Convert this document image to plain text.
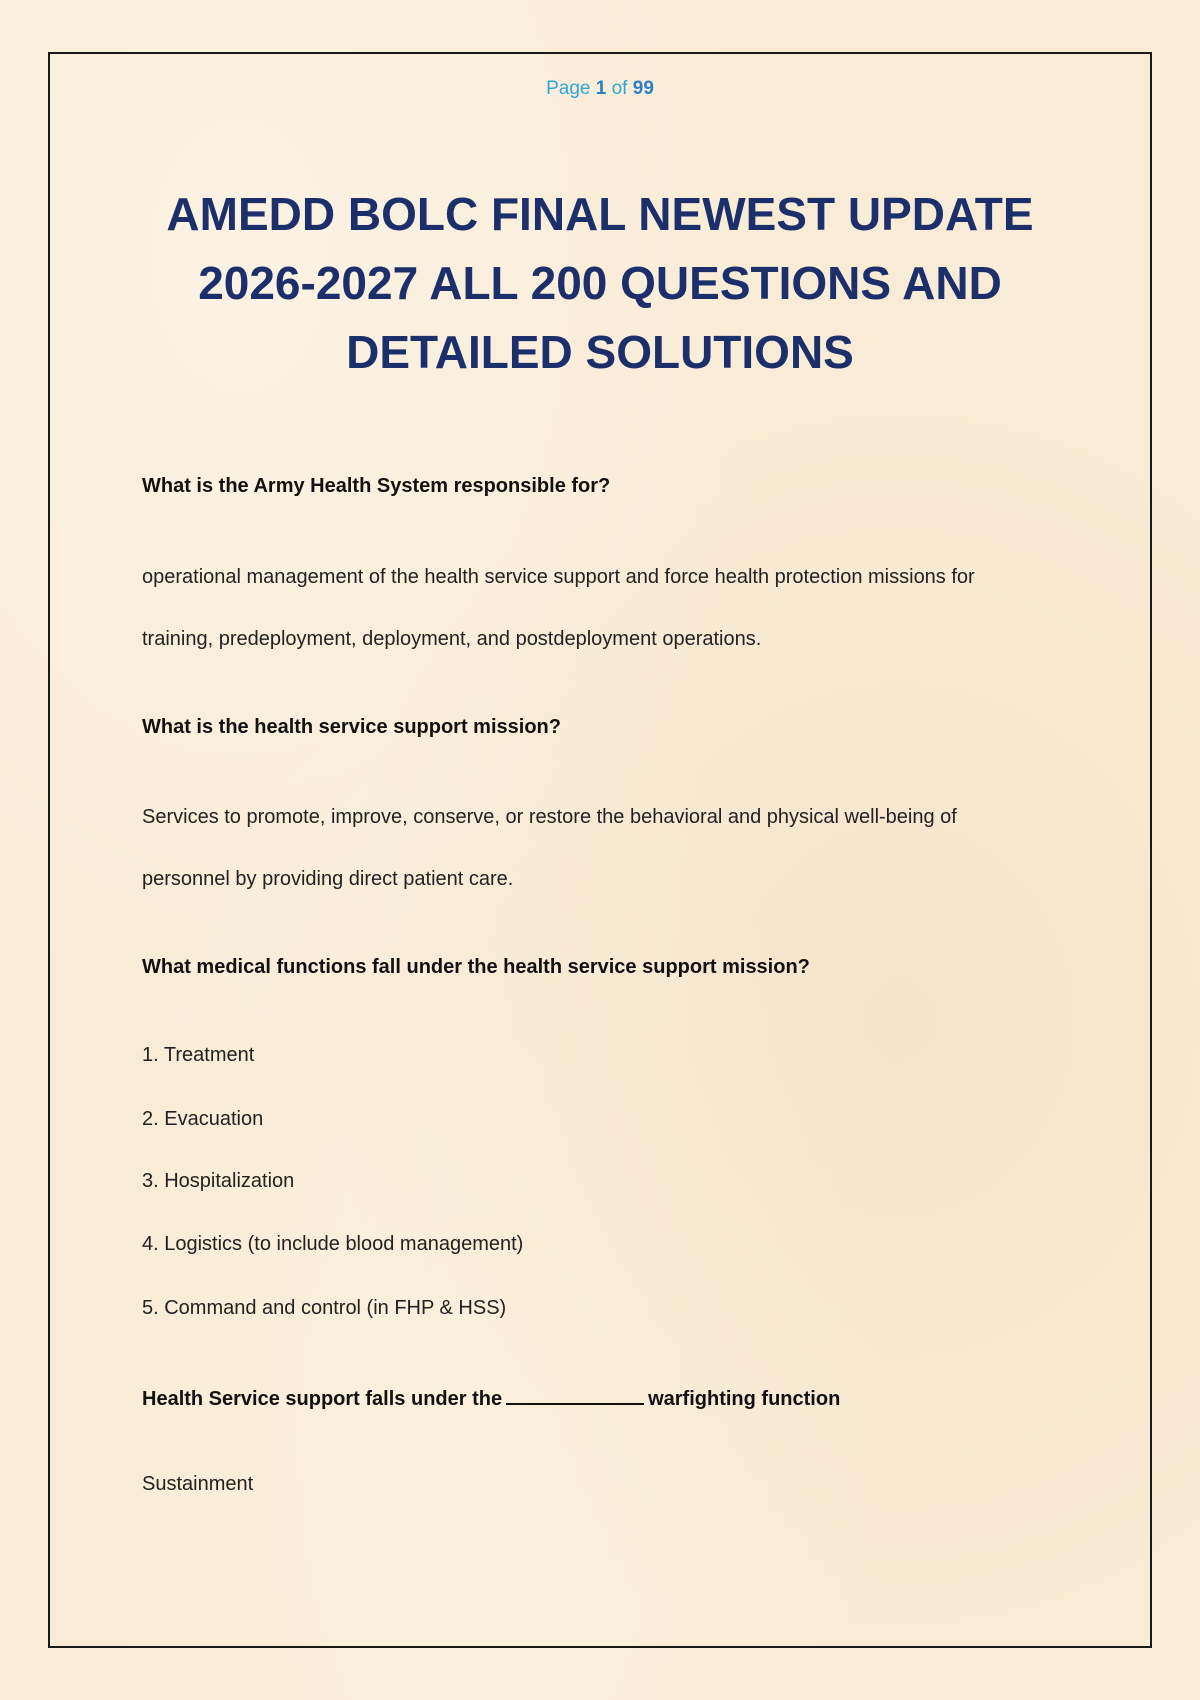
Page 1 of 99
AMEDD BOLC FINAL NEWEST UPDATE
2026-2027 ALL 200 QUESTIONS AND
DETAILED SOLUTIONS

What is the Army Health System responsible for?

operational management of the health service support and force health protection missions for

training, predeployment, deployment, and postdeployment operations.

What is the health service support mission?

Services to promote, improve, conserve, or restore the behavioral and physical well-being of

personnel by providing direct patient care.

What medical functions fall under the health service support mission?

1. Treatment

2. Evacuation

3. Hospitalization

4. Logistics (to include blood management)

5. Command and control (in FHP & HSS)

Health Service support falls under the	warfighting function

Sustainment
